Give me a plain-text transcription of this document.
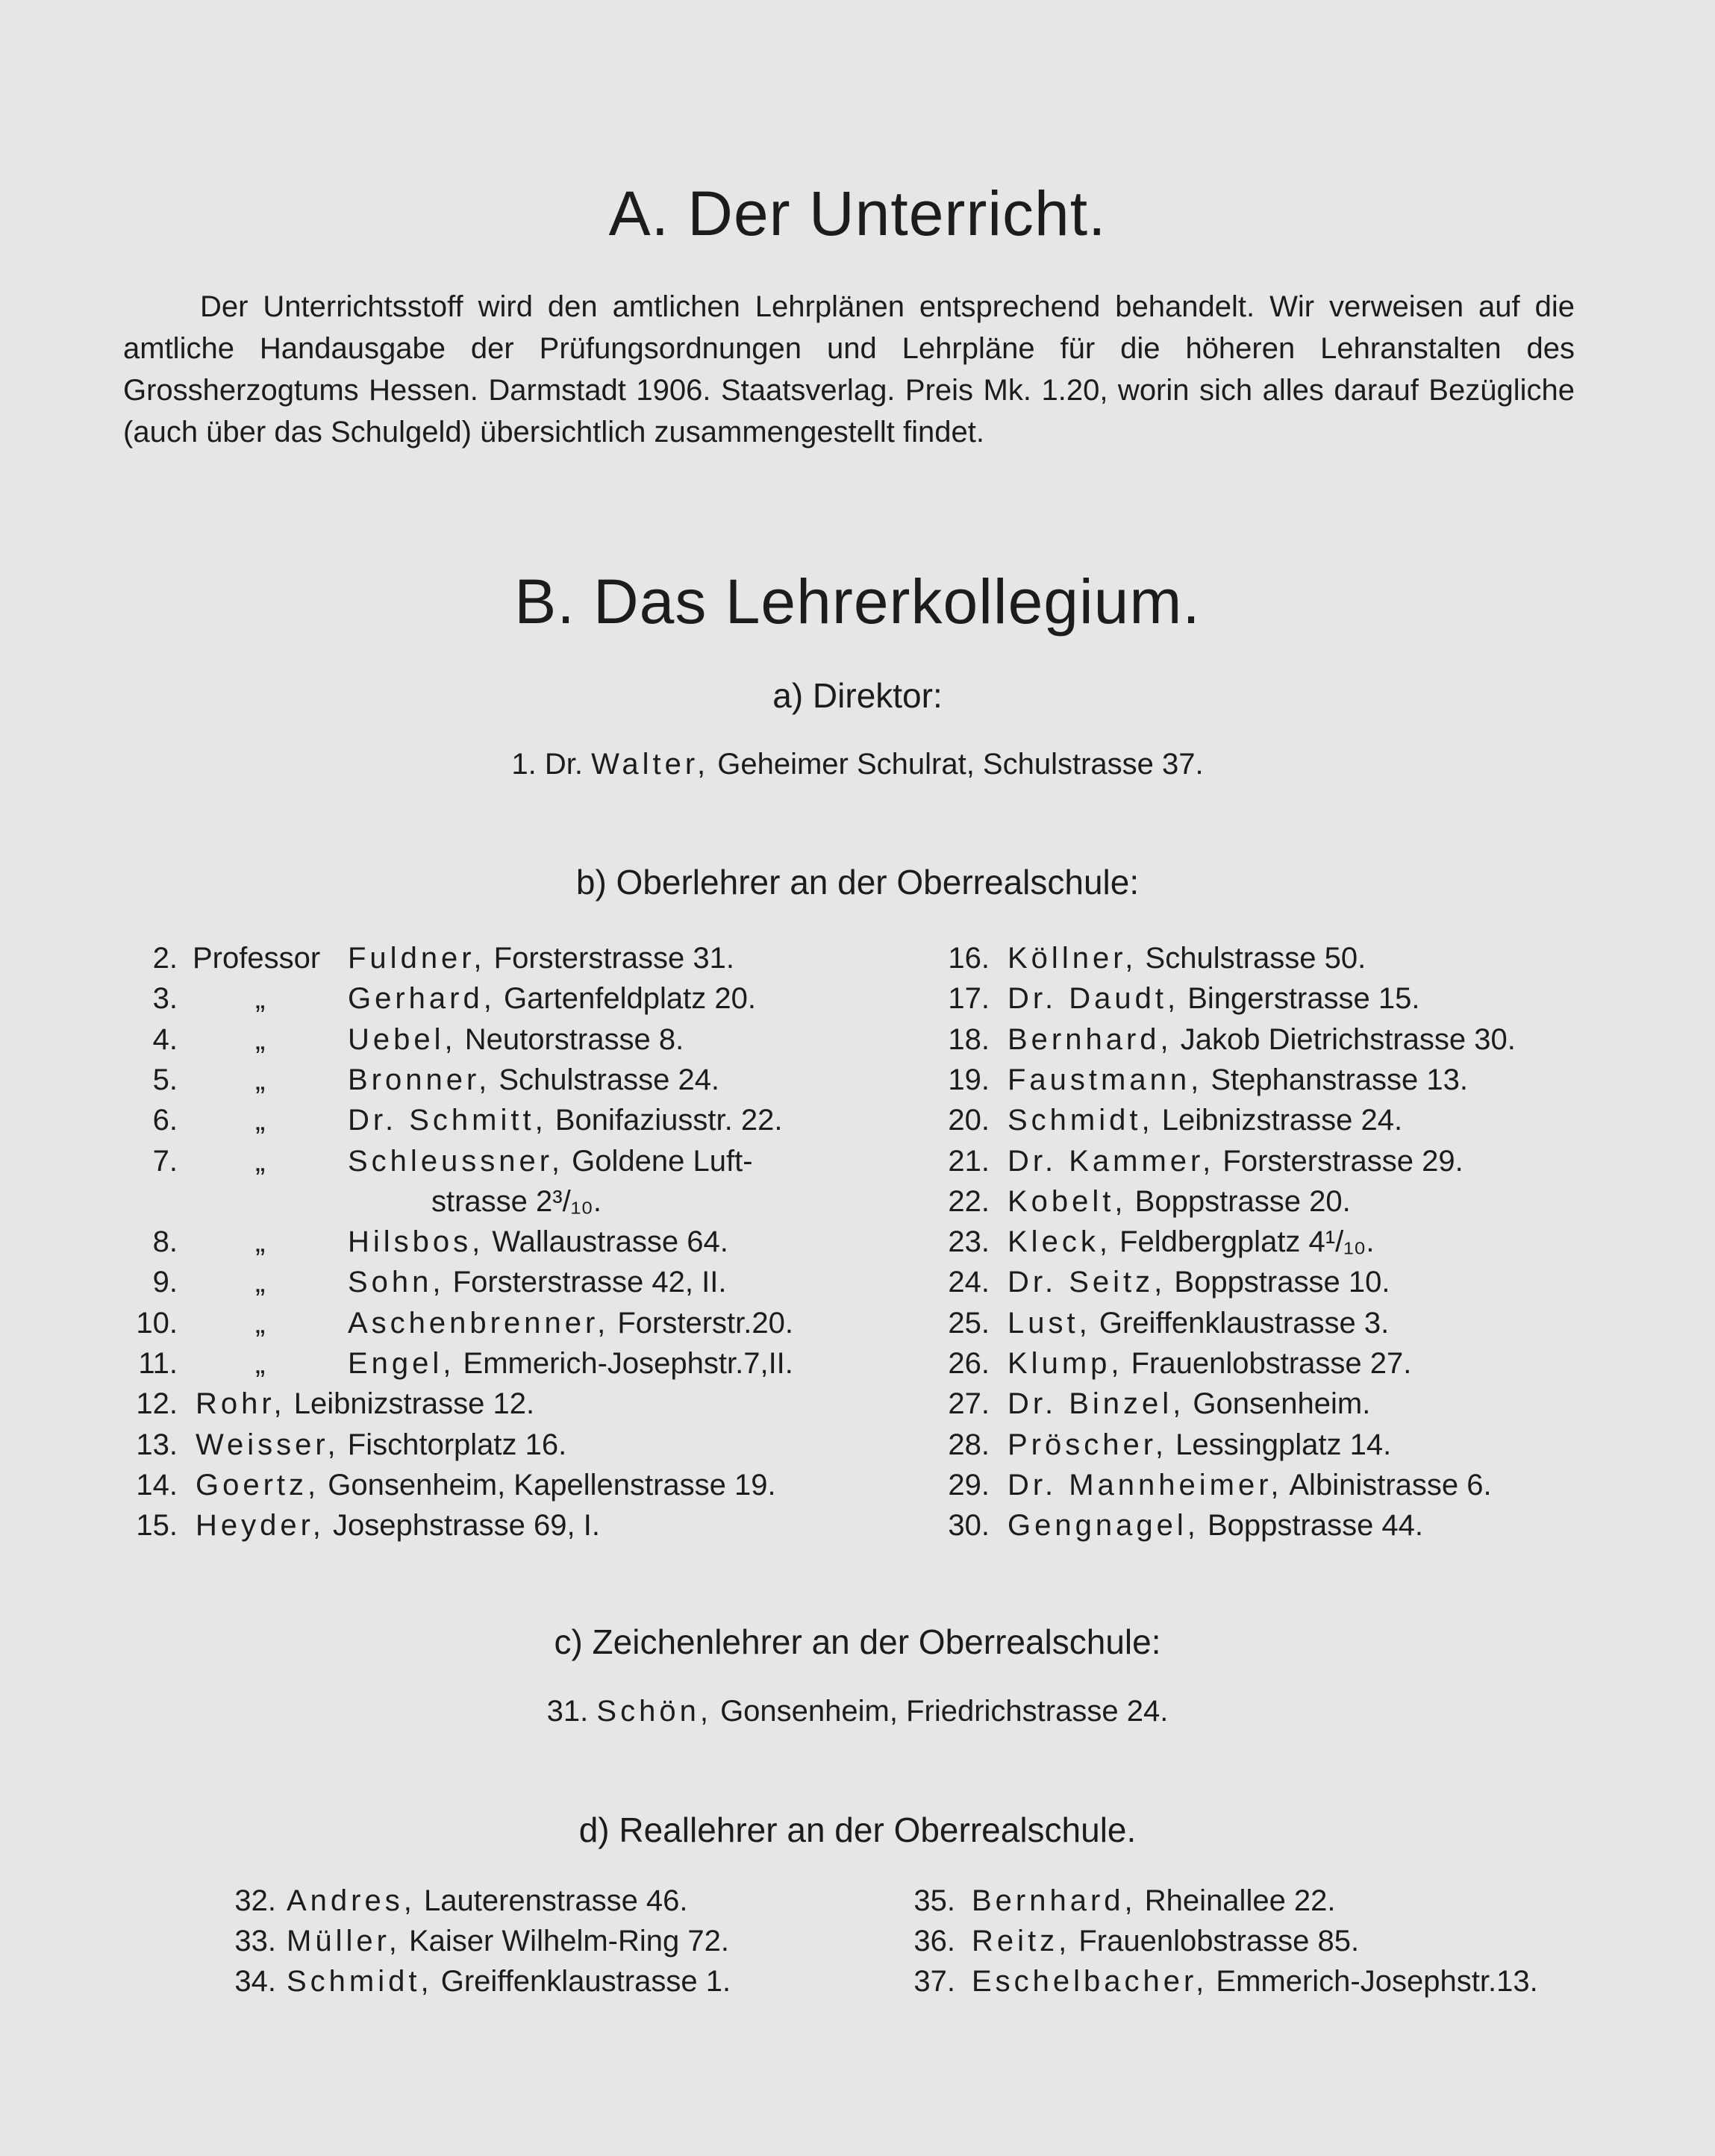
A. Der Unterricht.
Der Unterrichtsstoff wird den amtlichen Lehrplänen entsprechend behandelt. Wir verweisen auf die amtliche Handausgabe der Prüfungsordnungen und Lehrpläne für die höheren Lehranstalten des Grossherzogtums Hessen. Darmstadt 1906. Staatsverlag. Preis Mk. 1.20, worin sich alles darauf Bezügliche (auch über das Schulgeld) übersichtlich zusammengestellt findet.
B. Das Lehrerkollegium.
a) Direktor:
1. Dr. Walter, Geheimer Schulrat, Schulstrasse 37.
b) Oberlehrer an der Oberrealschule:
2. Professor Fuldner, Forsterstrasse 31.
3.	„	Gerhard, Gartenfeldplatz 20.
4.	„	Uebel, Neutorstrasse 8.
5.	„	Bronner, Schulstrasse 24.
6.	„	Dr. Schmitt, Bonifaziusstr. 22.
7.	„	Schleussner, Goldene Luft-
strasse 2³/₁₀.
8.	„	Hilsbos, Wallaustrasse 64.
9.	„	Sohn, Forsterstrasse 42, II.
10.	„	Aschenbrenner, Forsterstr.20.
11.	„	Engel, Emmerich-Josephstr.7,II.
12. Rohr, Leibnizstrasse 12.
13. Weisser, Fischtorplatz 16.
14. Goertz, Gonsenheim, Kapellenstrasse 19.
15. Heyder, Josephstrasse 69, I.
16. Köllner, Schulstrasse 50.
17. Dr. Daudt, Bingerstrasse 15.
18. Bernhard, Jakob Dietrichstrasse 30.
19. Faustmann, Stephanstrasse 13.
20. Schmidt, Leibnizstrasse 24.
21. Dr. Kammer, Forsterstrasse 29.
22. Kobelt, Boppstrasse 20.
23. Kleck, Feldbergplatz 4¹/₁₀.
24. Dr. Seitz, Boppstrasse 10.
25. Lust, Greiffenklaustrasse 3.
26. Klump, Frauenlobstrasse 27.
27. Dr. Binzel, Gonsenheim.
28. Pröscher, Lessingplatz 14.
29. Dr. Mannheimer, Albinistrasse 6.
30. Gengnagel, Boppstrasse 44.
c) Zeichenlehrer an der Oberrealschule:
31. Schön, Gonsenheim, Friedrichstrasse 24.
d) Reallehrer an der Oberrealschule.
32. Andres, Lauterenstrasse 46.
33. Müller, Kaiser Wilhelm-Ring 72.
34. Schmidt, Greiffenklaustrasse 1.
35. Bernhard, Rheinallee 22.
36. Reitz, Frauenlobstrasse 85.
37. Eschelbacher, Emmerich-Josephstr.13.
